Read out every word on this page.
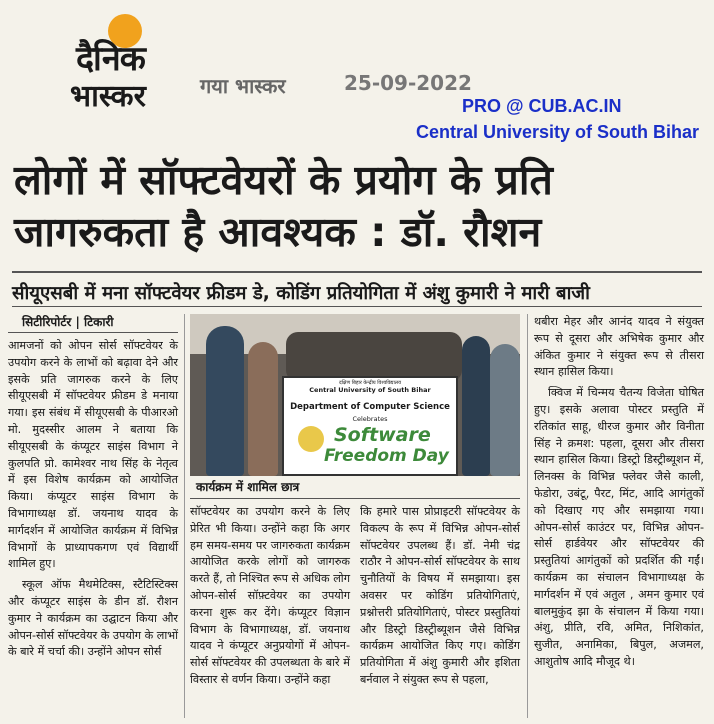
दैनिक
भास्कर	गया भास्कर	25-09-2022
PRO @ CUB.AC.IN
Central University of South Bihar
लोगों में सॉफ्टवेयरों के प्रयोग के प्रति
जागरुकता है आवश्यक : डॉ. रौशन
सीयूएसबी में मना सॉफ्टवेयर फ्रीडम डे, कोडिंग प्रतियोगिता में अंशु कुमारी ने मारी बाजी
सिटीरिपोर्टर | टिकारी

आमजनों को ओपन सोर्स सॉफ्टवेयर के उपयोग करने के लाभों को बढ़ावा देने और इसके प्रति जागरुक करने के लिए सीयूएसबी में सॉफ्टवेयर फ्रीडम डे मनाया गया। इस संबंध में सीयूएसबी के पीआरओ मो. मुदस्सीर आलम ने बताया कि सीयूएसबी के कंप्यूटर साइंस विभाग ने कुलपति प्रो. कामेश्वर नाथ सिंह के नेतृत्व में इस विशेष कार्यक्रम को आयोजित किया। कंप्यूटर साइंस विभाग के विभागाध्यक्ष डॉ. जयनाथ यादव के मार्गदर्शन में आयोजित कार्यक्रम में विभिन्न विभागों के प्राध्यापकगण एवं विद्यार्थी शामिल हुए।

स्कूल ऑफ मैथमेटिक्स, स्टैटिस्टिक्स और कंप्यूटर साइंस के डीन डॉ. रौशन कुमार ने कार्यक्रम का उद्घाटन किया और ओपन-सोर्स सॉफ्टवेयर के उपयोग के लाभों के बारे में चर्चा की। उन्होंने ओपन सोर्स

दक्षिण बिहार केन्द्रीय विश्वविद्यालय
Central University of South Bihar
Department of Computer Science
Celebrates
Software
Freedom Day
कार्यक्रम में शामिल छात्र

सॉफ्टवेयर का उपयोग करने के लिए प्रेरित भी किया। उन्होंने कहा कि अगर हम समय-समय पर जागरुकता कार्यक्रम आयोजित करके लोगों को जागरुक करते हैं, तो निश्चित रूप से अधिक लोग ओपन-सोर्स सॉफ़्टवेयर का उपयोग करना शुरू कर देंगे। कंप्यूटर विज्ञान विभाग के विभागाध्यक्ष, डॉ. जयनाथ यादव ने कंप्यूटर अनुप्रयोगों में ओपन-सोर्स सॉफ्टवेयर की उपलब्धता के बारे में विस्तार से वर्णन किया। उन्होंने कहा

कि हमारे पास प्रोप्राइटरी सॉफ्टवेयर के विकल्प के रूप में विभिन्न ओपन-सोर्स सॉफ्टवेयर उपलब्ध हैं। डॉ. नेमी चंद्र राठौर ने ओपन-सोर्स सॉफ्टवेयर के साथ चुनौतियों के विषय में समझाया। इस अवसर पर कोडिंग प्रतियोगिताएं, प्रश्नोत्तरी प्रतियोगिताएं, पोस्टर प्रस्तुतियां और डिस्ट्रो डिस्ट्रीब्यूशन जैसे विभिन्न कार्यक्रम आयोजित किए गए। कोडिंग प्रतियोगिता में अंशु कुमारी और इशिता बर्नवाल ने संयुक्त रूप से पहला,

थबीरा मेहर और आनंद यादव ने संयुक्त रूप से दूसरा और अभिषेक कुमार और अंकित कुमार ने संयुक्त रूप से तीसरा स्थान हासिल किया।

क्विज में चिन्मय चैतन्य विजेता घोषित हुए। इसके अलावा पोस्टर प्रस्तुति में रतिकांत साहू, धीरज कुमार और विनीता सिंह ने क्रमश: पहला, दूसरा और तीसरा स्थान हासिल किया। डिस्ट्रो डिस्ट्रीब्यूशन में, लिनक्स के विभिन्न फ्लेवर जैसे काली, फेडोरा, उबंटू, पैरट, मिंट, आदि आगंतुकों को दिखाए गए और समझाया गया। ओपन-सोर्स काउंटर पर, विभिन्न ओपन-सोर्स हार्डवेयर और सॉफ्टवेयर की प्रस्तुतियां आगंतुकों को प्रदर्शित की गईं। कार्यक्रम का संचालन विभागाध्यक्ष के मार्गदर्शन में एवं अतुल , अमन कुमार एवं बालमुकुंद झा के संचालन में किया गया। अंशु, प्रीति, रवि, अमित, निशिकांत, सुजीत, अनामिका, बिपुल, अजमल, आशुतोष आदि मौजूद थे।
